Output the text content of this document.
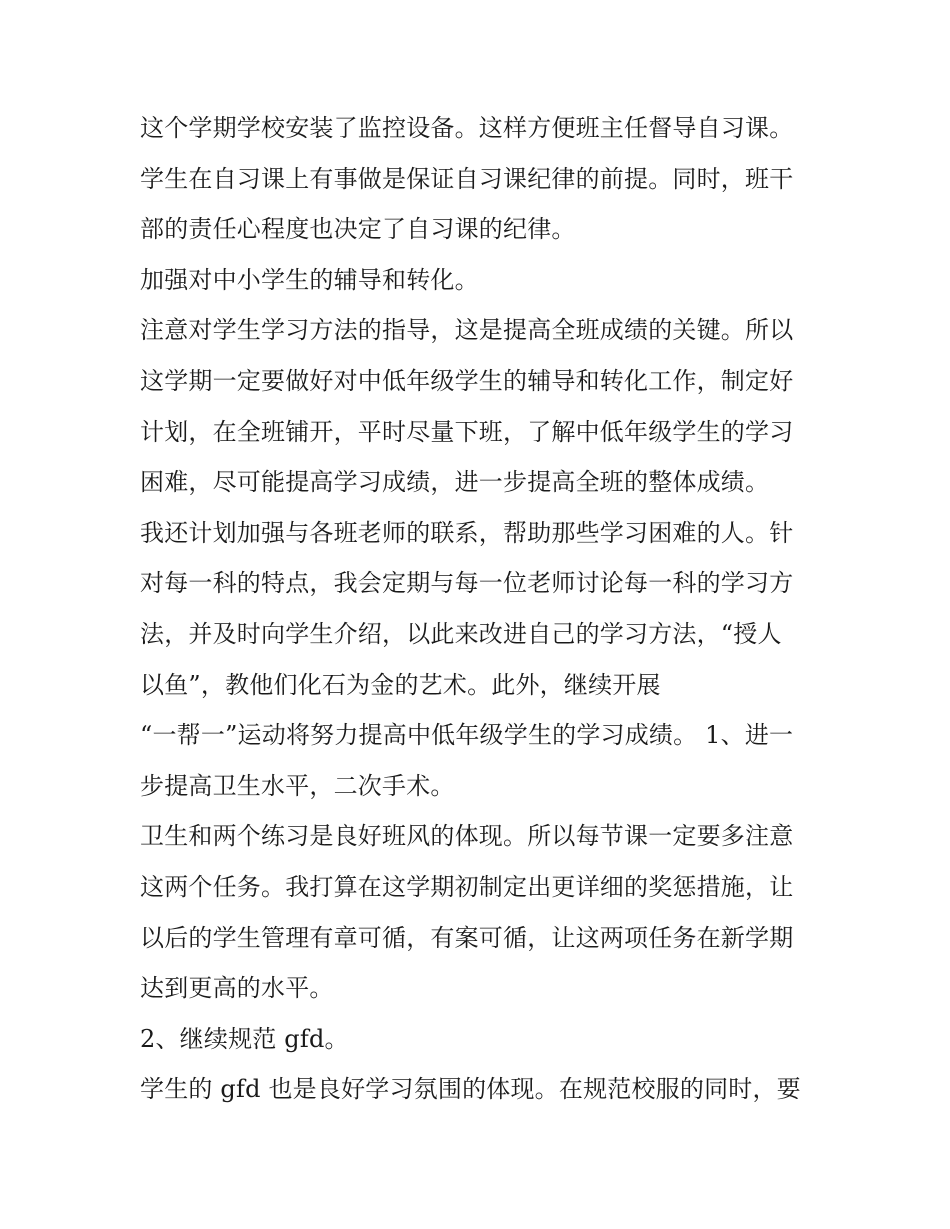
这个学期学校安装了监控设备。这样方便班主任督导自习课。
学生在自习课上有事做是保证自习课纪律的前提。同时，班干
部的责任心程度也决定了自习课的纪律。
加强对中小学生的辅导和转化。
注意对学生学习方法的指导，这是提高全班成绩的关键。所以
这学期一定要做好对中低年级学生的辅导和转化工作，制定好
计划，在全班铺开，平时尽量下班，了解中低年级学生的学习
困难，尽可能提高学习成绩，进一步提高全班的整体成绩。
我还计划加强与各班老师的联系，帮助那些学习困难的人。针
对每一科的特点，我会定期与每一位老师讨论每一科的学习方
法，并及时向学生介绍，以此来改进自己的学习方法，“授人
以鱼”，教他们化石为金的艺术。此外，继续开展
“一帮一”运动将努力提高中低年级学生的学习成绩。 1、进一
步提高卫生水平，二次手术。
卫生和两个练习是良好班风的体现。所以每节课一定要多注意
这两个任务。我打算在这学期初制定出更详细的奖惩措施，让
以后的学生管理有章可循，有案可循，让这两项任务在新学期
达到更高的水平。
2、继续规范 gfd。
学生的 gfd 也是良好学习氛围的体现。在规范校服的同时，要
